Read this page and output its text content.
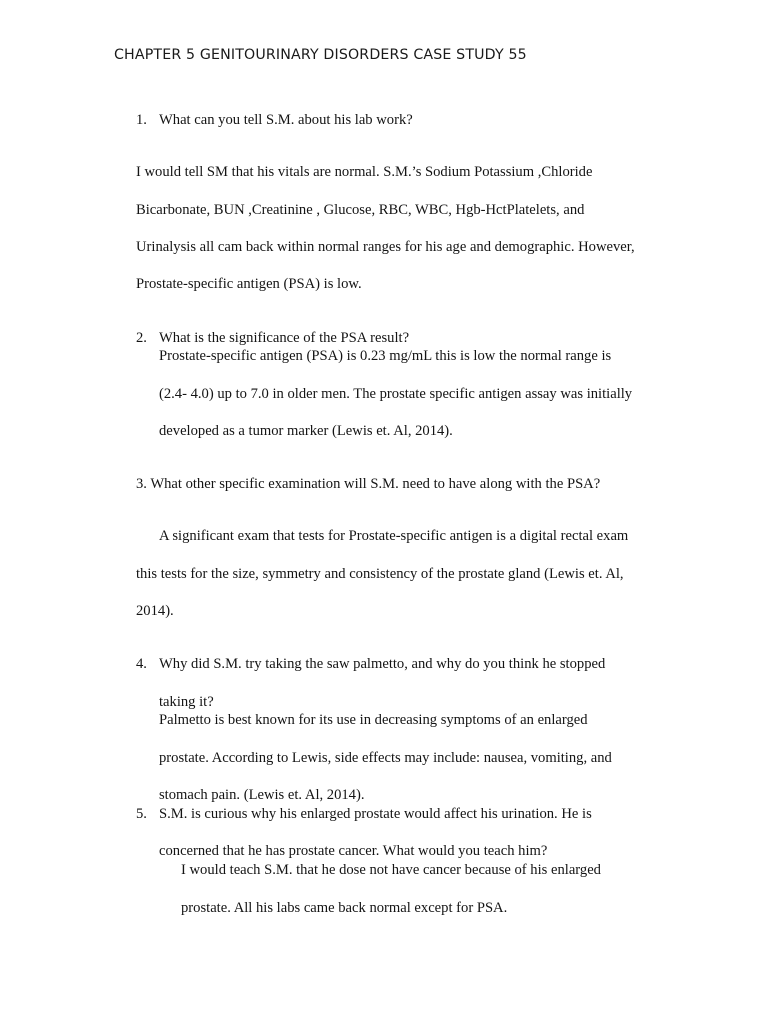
CHAPTER 5 GENITOURINARY DISORDERS CASE STUDY 55
1. What can you tell S.M. about his lab work?
I would tell SM that his vitals are normal. S.M.’s Sodium Potassium ,Chloride
Bicarbonate, BUN ,Creatinine , Glucose, RBC, WBC, Hgb-HctPlatelets, and
Urinalysis all cam back within normal ranges for his age and demographic. However,
Prostate-specific antigen (PSA) is low.
2. What is the significance of the PSA result?
Prostate-specific antigen (PSA) is 0.23 mg/mL this is low the normal range is
(2.4- 4.0) up to 7.0 in older men. The prostate specific antigen assay was initially
developed as a tumor marker (Lewis et. Al, 2014).
3. What other specific examination will S.M. need to have along with the PSA?
A significant exam that tests for Prostate-specific antigen is a digital rectal exam
this tests for the size, symmetry and consistency of the prostate gland (Lewis et. Al,
2014).
4. Why did S.M. try taking the saw palmetto, and why do you think he stopped
taking it?
Palmetto is best known for its use in decreasing symptoms of an enlarged
prostate. According to Lewis, side effects may include: nausea, vomiting, and
stomach pain. (Lewis et. Al, 2014).
5. S.M. is curious why his enlarged prostate would affect his urination. He is
concerned that he has prostate cancer. What would you teach him?
I would teach S.M. that he dose not have cancer because of his enlarged
prostate. All his labs came back normal except for PSA.
